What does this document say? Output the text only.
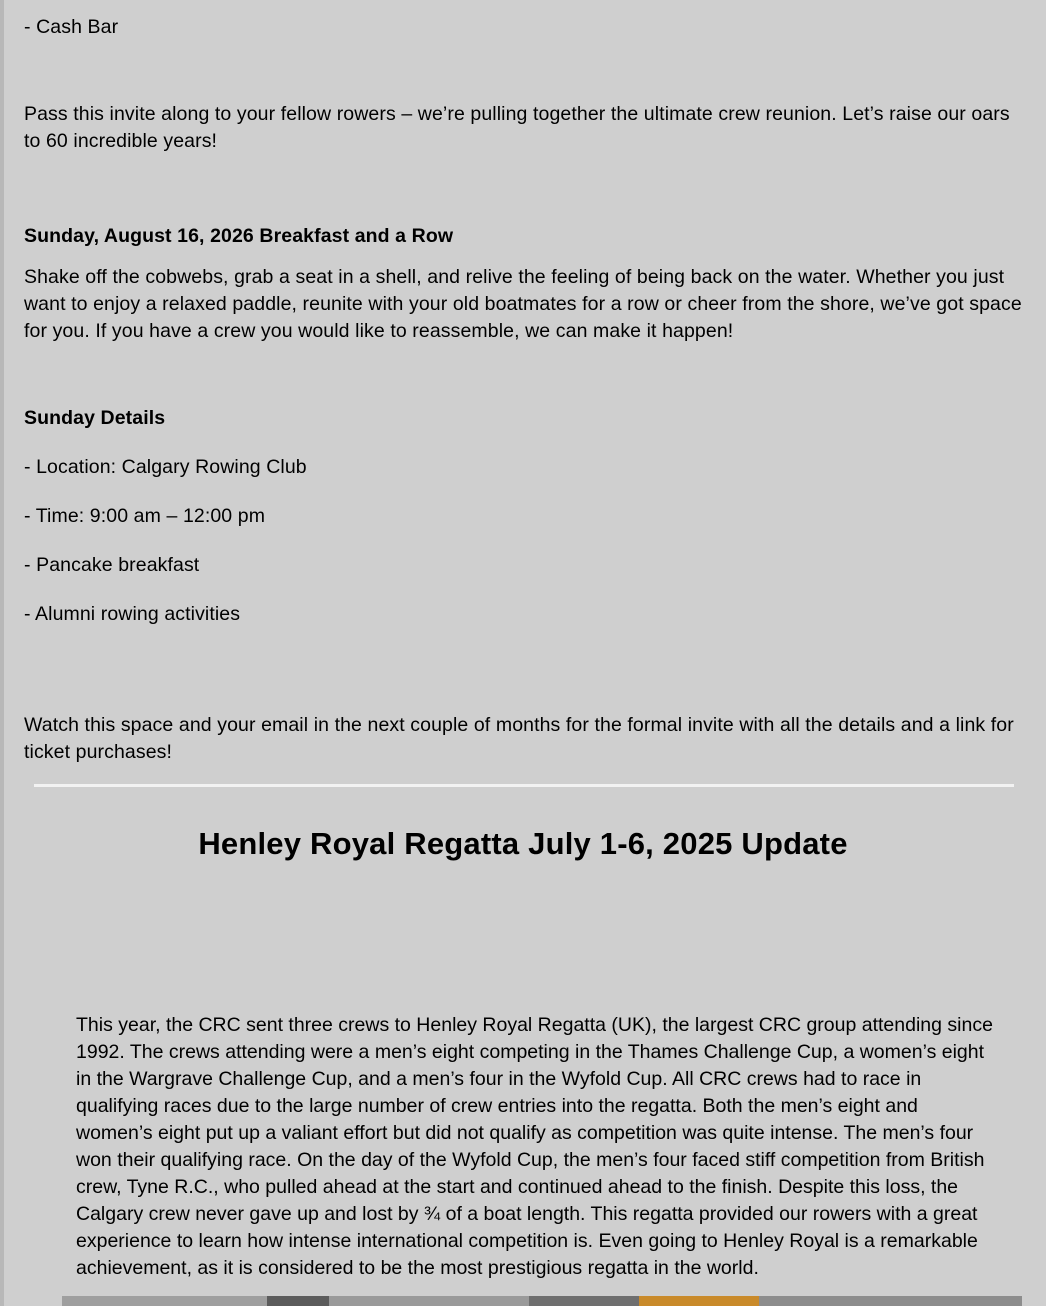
- Cash Bar

Pass this invite along to your fellow rowers – we’re pulling together the ultimate crew reunion. Let’s raise our oars to 60 incredible years!

Sunday, August 16, 2026 Breakfast and a Row

Shake off the cobwebs, grab a seat in a shell, and relive the feeling of being back on the water. Whether you just want to enjoy a relaxed paddle, reunite with your old boatmates for a row or cheer from the shore, we’ve got space for you. If you have a crew you would like to reassemble, we can make it happen!

Sunday Details

- Location: Calgary Rowing Club

- Time: 9:00 am – 12:00 pm

- Pancake breakfast

- Alumni rowing activities

Watch this space and your email in the next couple of months for the formal invite with all the details and a link for ticket purchases!

Henley Royal Regatta July 1-6, 2025 Update
This year, the CRC sent three crews to Henley Royal Regatta (UK), the largest CRC group attending since 1992. The crews attending were a men’s eight competing in the Thames Challenge Cup, a women’s eight in the Wargrave Challenge Cup, and a men’s four in the Wyfold Cup. All CRC crews had to race in qualifying races due to the large number of crew entries into the regatta. Both the men’s eight and women’s eight put up a valiant effort but did not qualify as competition was quite intense. The men’s four won their qualifying race. On the day of the Wyfold Cup, the men’s four faced stiff competition from British crew, Tyne R.C., who pulled ahead at the start and continued ahead to the finish. Despite this loss, the Calgary crew never gave up and lost by ¾ of a boat length. This regatta provided our rowers with a great experience to learn how intense international competition is. Even going to Henley Royal is a remarkable achievement, as it is considered to be the most prestigious regatta in the world.
